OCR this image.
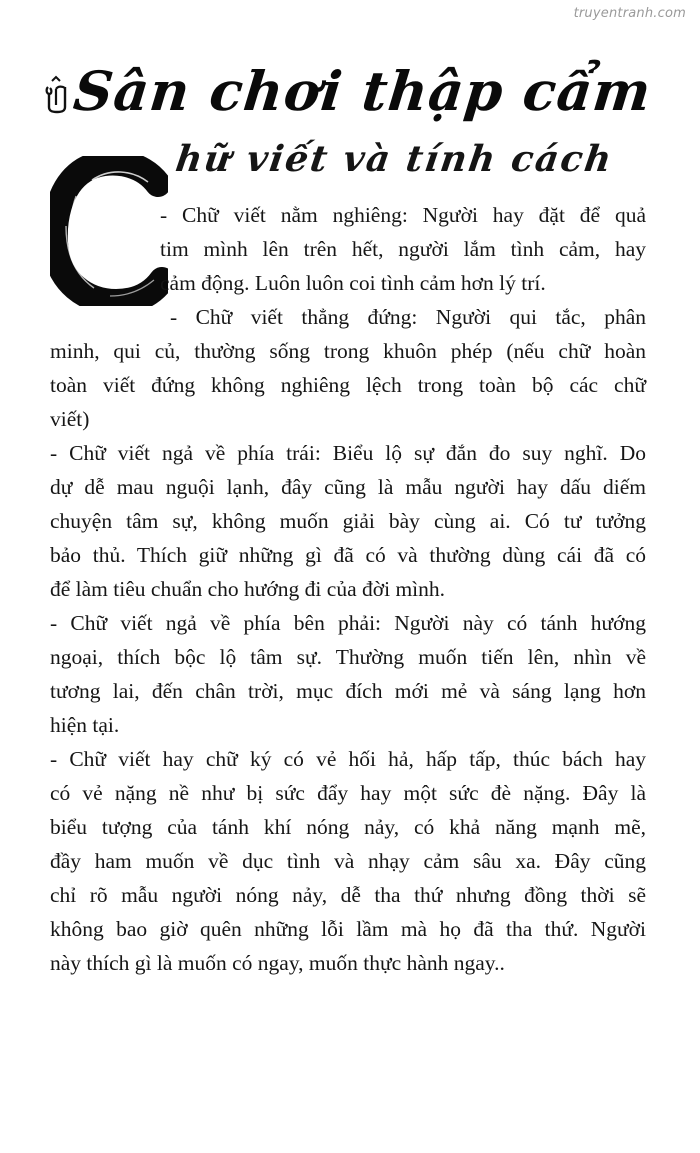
truyentranh.com
Sân chơi thập cẩm
hữ viết và tính cách
- Chữ viết nằm nghiêng: Người hay đặt để quả
tim mình lên trên hết, người lắm tình cảm, hay
cảm động. Luôn luôn coi tình cảm hơn lý trí.
- Chữ viết thẳng đứng: Người qui tắc, phân
minh, qui củ, thường sống trong khuôn phép (nếu chữ hoàn
toàn viết đứng không nghiêng lệch trong toàn bộ các chữ
viết)
- Chữ viết ngả về phía trái: Biểu lộ sự đắn đo suy nghĩ. Do
dự dễ mau nguội lạnh, đây cũng là mẫu người hay dấu diếm
chuyện tâm sự, không muốn giải bày cùng ai. Có tư tưởng
bảo thủ. Thích giữ những gì đã có và thường dùng cái đã có
để làm tiêu chuẩn cho hướng đi của đời mình.
- Chữ viết ngả về phía bên phải: Người này có tánh hướng
ngoại, thích bộc lộ tâm sự. Thường muốn tiến lên, nhìn về
tương lai, đến chân trời, mục đích mới mẻ và sáng lạng hơn
hiện tại.
- Chữ viết hay chữ ký có vẻ hối hả, hấp tấp, thúc bách hay
có vẻ nặng nề như bị sức đẩy hay một sức đè nặng. Đây là
biểu tượng của tánh khí nóng nảy, có khả năng mạnh mẽ,
đầy ham muốn về dục tình và nhạy cảm sâu xa. Đây cũng
chỉ rõ mẫu người nóng nảy, dễ tha thứ nhưng đồng thời sẽ
không bao giờ quên những lỗi lầm mà họ đã tha thứ. Người
này thích gì là muốn có ngay, muốn thực hành ngay..
